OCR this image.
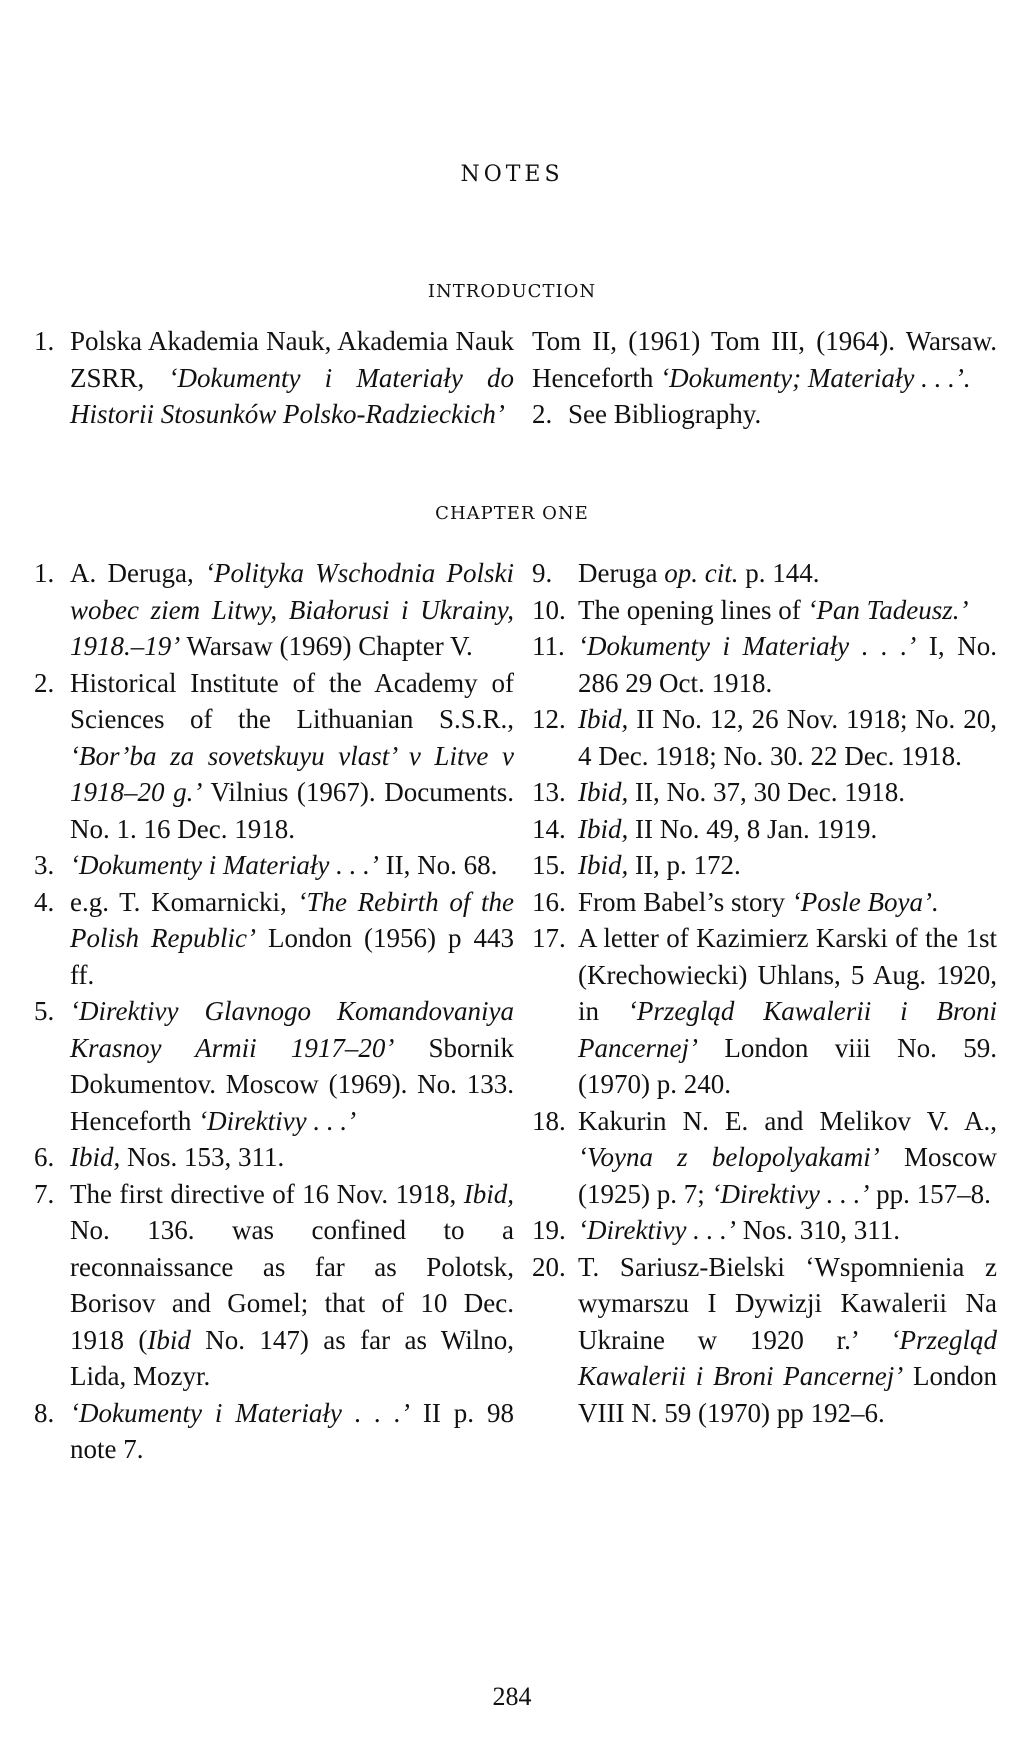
NOTES
INTRODUCTION
1. Polska Akademia Nauk, Akademia Nauk ZSRR, ‘Dokumenty i Materiały do Historii Stosunków Polsko-Radzieckich’
Tom II, (1961) Tom III, (1964). Warsaw. Henceforth ‘Dokumenty; Materiały . . .’.
2. See Bibliography.
CHAPTER ONE
1. A. Deruga, ‘Polityka Wschodnia Polski wobec ziem Litwy, Białorusi i Ukrainy, 1918.–19’ Warsaw (1969) Chapter V.
2. Historical Institute of the Academy of Sciences of the Lithuanian S.S.R., ‘Bor’ba za sovetskuyu vlast’ v Litve v 1918–20 g.’ Vilnius (1967). Documents. No. 1. 16 Dec. 1918.
3. ‘Dokumenty i Materiały . . .’ II, No. 68.
4. e.g. T. Komarnicki, ‘The Rebirth of the Polish Republic’ London (1956) p 443 ff.
5. ‘Direktivy Glavnogo Komandovaniya Krasnoy Armii 1917–20’ Sbornik Dokumentov. Moscow (1969). No. 133. Henceforth ‘Direktivy . . .’
6. Ibid, Nos. 153, 311.
7. The first directive of 16 Nov. 1918, Ibid, No. 136. was confined to a reconnaissance as far as Polotsk, Borisov and Gomel; that of 10 Dec. 1918 (Ibid No. 147) as far as Wilno, Lida, Mozyr.
8. ‘Dokumenty i Materiały . . .’ II p. 98 note 7.
9. Deruga op. cit. p. 144.
10. The opening lines of ‘Pan Tadeusz.’
11. ‘Dokumenty i Materiały . . .’ I, No. 286 29 Oct. 1918.
12. Ibid, II No. 12, 26 Nov. 1918; No. 20, 4 Dec. 1918; No. 30. 22 Dec. 1918.
13. Ibid, II, No. 37, 30 Dec. 1918.
14. Ibid, II No. 49, 8 Jan. 1919.
15. Ibid, II, p. 172.
16. From Babel’s story ‘Posle Boya’.
17. A letter of Kazimierz Karski of the 1st (Krechowiecki) Uhlans, 5 Aug. 1920, in ‘Przegląd Kawalerii i Broni Pancernej’ London viii No. 59. (1970) p. 240.
18. Kakurin N. E. and Melikov V. A., ‘Voyna z belopolyakami’ Moscow (1925) p. 7; ‘Direktivy . . .’ pp. 157–8.
19. ‘Direktivy . . .’ Nos. 310, 311.
20. T. Sariusz-Bielski ‘Wspomnienia z wymarszu I Dywizji Kawalerii Na Ukraine w 1920 r.’ ‘Przegląd Kawalerii i Broni Pancernej’ London VIII N. 59 (1970) pp 192–6.
284
